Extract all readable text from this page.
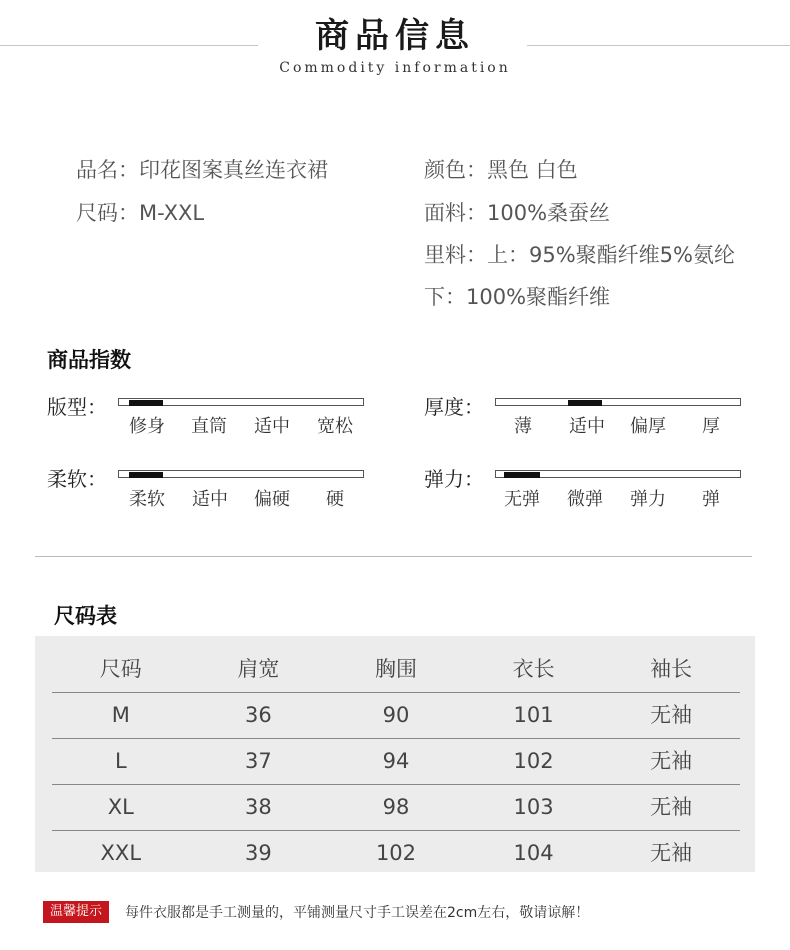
商品信息
Commodity information
品名：印花图案真丝连衣裙
尺码：M-XXL
颜色：黑色 白色
面料：100%桑蚕丝
里料：上：95%聚酯纤维5%氨纶
下：100%聚酯纤维
商品指数
版型：
修身 直筒 适中 宽松
厚度：
薄 适中 偏厚 厚
柔软：
柔软 适中 偏硬 硬
弹力：
无弹 微弹 弹力 弹
尺码表
尺码	肩宽	胸围	衣长	袖长
M	36	90	101	无袖
L	37	94	102	无袖
XL	38	98	103	无袖
XXL	39	102	104	无袖
温馨提示	每件衣服都是手工测量的，平铺测量尺寸手工误差在2cm左右，敬请谅解！
